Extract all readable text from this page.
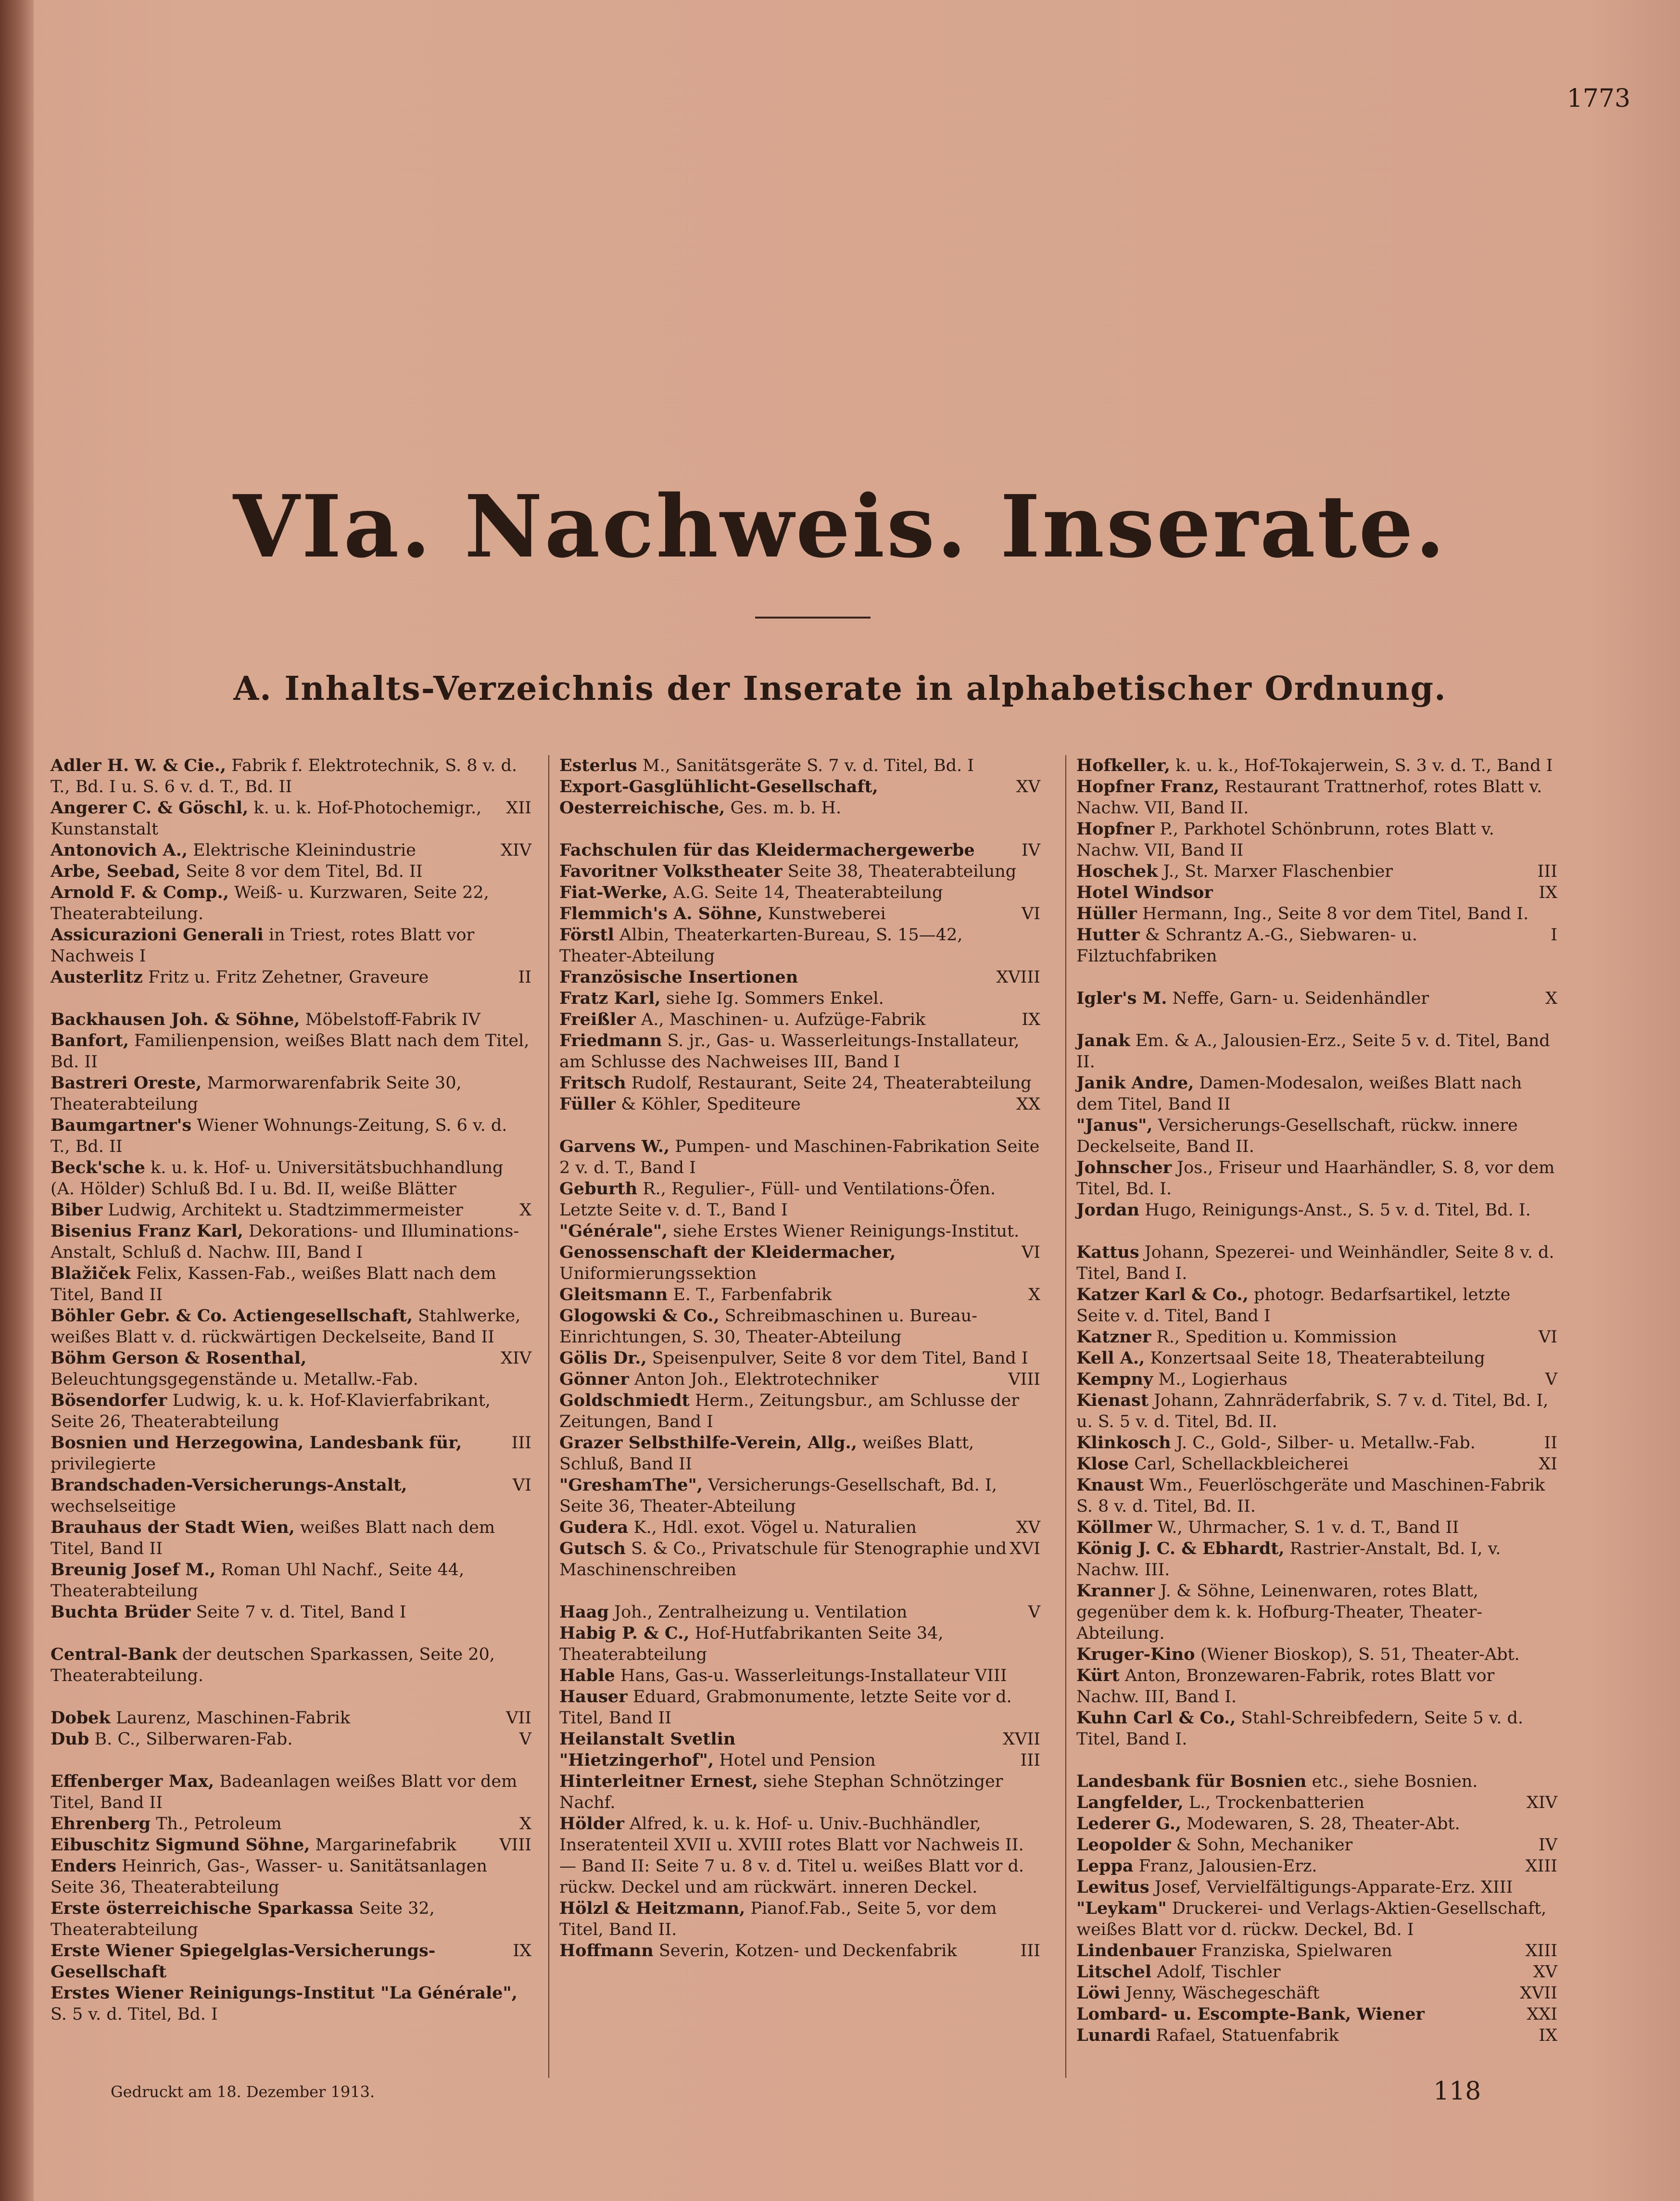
1773
VIa. Nachweis. Inserate.
A. Inhalts-Verzeichnis der Inserate in alphabetischer Ordnung.

Adler H. W. & Cie., Fabrik f. Elektrotechnik, S. 8 v. d. T., Bd. I u. S. 6 v. d. T., Bd. II

XII
Angerer C. & Göschl, k. u. k. Hof-Photochemigr., Kunstanstalt

XIV
Antonovich A., Elektrische Kleinindustrie

Arbe, Seebad, Seite 8 vor dem Titel, Bd. II

Arnold F. & Comp., Weiß- u. Kurzwaren, Seite 22, Theaterabteilung.

Assicurazioni Generali in Triest, rotes Blatt vor Nachweis I

II
Austerlitz Fritz u. Fritz Zehetner, Graveure

Backhausen Joh. & Söhne, Möbelstoff-Fabrik IV

Banfort, Familienpension, weißes Blatt nach dem Titel, Bd. II

Bastreri Oreste, Marmorwarenfabrik Seite 30, Theaterabteilung

Baumgartner's Wiener Wohnungs-Zeitung, S. 6 v. d. T., Bd. II

Beck'sche k. u. k. Hof- u. Universitätsbuchhandlung (A. Hölder) Schluß Bd. I u. Bd. II, weiße Blätter

X
Biber Ludwig, Architekt u. Stadtzimmermeister

Bisenius Franz Karl, Dekorations- und Illuminations-Anstalt, Schluß d. Nachw. III, Band I

Blažiček Felix, Kassen-Fab., weißes Blatt nach dem Titel, Band II

Böhler Gebr. & Co. Actiengesellschaft, Stahlwerke, weißes Blatt v. d. rückwärtigen Deckelseite, Band II

XIV
Böhm Gerson & Rosenthal, Beleuchtungsgegenstände u. Metallw.-Fab.

Bösendorfer Ludwig, k. u. k. Hof-Klavierfabrikant, Seite 26, Theaterabteilung

III
Bosnien und Herzegowina, Landesbank für, privilegierte

VI
Brandschaden-Versicherungs-Anstalt, wechselseitige

Brauhaus der Stadt Wien, weißes Blatt nach dem Titel, Band II

Breunig Josef M., Roman Uhl Nachf., Seite 44, Theaterabteilung

Buchta Brüder Seite 7 v. d. Titel, Band I

Central-Bank der deutschen Sparkassen, Seite 20, Theaterabteilung.

VII
Dobek Laurenz, Maschinen-Fabrik

V
Dub B. C., Silberwaren-Fab.

Effenberger Max, Badeanlagen weißes Blatt vor dem Titel, Band II

X
Ehrenberg Th., Petroleum

VIII
Eibuschitz Sigmund Söhne, Margarinefabrik

Enders Heinrich, Gas-, Wasser- u. Sanitätsanlagen Seite 36, Theaterabteilung

Erste österreichische Sparkassa Seite 32, Theaterabteilung

IX
Erste Wiener Spiegelglas-Versicherungs-Gesellschaft

Erstes Wiener Reinigungs-Institut "La Générale", S. 5 v. d. Titel, Bd. I

Esterlus M., Sanitätsgeräte S. 7 v. d. Titel, Bd. I

XV
Export-Gasglühlicht-Gesellschaft, Oesterreichische, Ges. m. b. H.

IV
Fachschulen für das Kleidermachergewerbe

Favoritner Volkstheater Seite 38, Theaterabteilung

Fiat-Werke, A.G. Seite 14, Theaterabteilung

VI
Flemmich's A. Söhne, Kunstweberei

Förstl Albin, Theaterkarten-Bureau, S. 15—42, Theater-Abteilung

XVIII
Französische Insertionen

Fratz Karl, siehe Ig. Sommers Enkel.

IX
Freißler A., Maschinen- u. Aufzüge-Fabrik

Friedmann S. jr., Gas- u. Wasserleitungs-Installateur, am Schlusse des Nachweises III, Band I

Fritsch Rudolf, Restaurant, Seite 24, Theaterabteilung

XX
Füller & Köhler, Spediteure

Garvens W., Pumpen- und Maschinen-Fabrikation Seite 2 v. d. T., Band I

Geburth R., Regulier-, Füll- und Ventilations-Öfen. Letzte Seite v. d. T., Band I

"Générale", siehe Erstes Wiener Reinigungs-Institut.

VI
Genossenschaft der Kleidermacher, Uniformierungssektion

X
Gleitsmann E. T., Farbenfabrik

Glogowski & Co., Schreibmaschinen u. Bureau-Einrichtungen, S. 30, Theater-Abteilung

Gölis Dr., Speisenpulver, Seite 8 vor dem Titel, Band I

VIII
Gönner Anton Joh., Elektrotechniker

Goldschmiedt Herm., Zeitungsbur., am Schlusse der Zeitungen, Band I

Grazer Selbsthilfe-Verein, Allg., weißes Blatt, Schluß, Band II

"GreshamThe", Versicherungs-Gesellschaft, Bd. I, Seite 36, Theater-Abteilung

XV
Gudera K., Hdl. exot. Vögel u. Naturalien

XVI
Gutsch S. & Co., Privatschule für Stenographie und Maschinenschreiben

V
Haag Joh., Zentralheizung u. Ventilation

Habig P. & C., Hof-Hutfabrikanten Seite 34, Theaterabteilung

Hable Hans, Gas-u. Wasserleitungs-Installateur VIII

Hauser Eduard, Grabmonumente, letzte Seite vor d. Titel, Band II

XVII
Heilanstalt Svetlin

III
"Hietzingerhof", Hotel und Pension

Hinterleitner Ernest, siehe Stephan Schnötzinger Nachf.

Hölder Alfred, k. u. k. Hof- u. Univ.-Buchhändler, Inseratenteil XVII u. XVIII rotes Blatt vor Nachweis II. — Band II: Seite 7 u. 8 v. d. Titel u. weißes Blatt vor d. rückw. Deckel und am rückwärt. inneren Deckel.

Hölzl & Heitzmann, Pianof.Fab., Seite 5, vor dem Titel, Band II.

III
Hoffmann Severin, Kotzen- und Deckenfabrik

Hofkeller, k. u. k., Hof-Tokajerwein, S. 3 v. d. T., Band I

Hopfner Franz, Restaurant Trattnerhof, rotes Blatt v. Nachw. VII, Band II.

Hopfner P., Parkhotel Schönbrunn, rotes Blatt v. Nachw. VII, Band II

III
Hoschek J., St. Marxer Flaschenbier

IX
Hotel Windsor

Hüller Hermann, Ing., Seite 8 vor dem Titel, Band I.

I
Hutter & Schrantz A.-G., Siebwaren- u. Filztuchfabriken

X
Igler's M. Neffe, Garn- u. Seidenhändler

Janak Em. & A., Jalousien-Erz., Seite 5 v. d. Titel, Band II.

Janik Andre, Damen-Modesalon, weißes Blatt nach dem Titel, Band II

"Janus", Versicherungs-Gesellschaft, rückw. innere Deckelseite, Band II.

Johnscher Jos., Friseur und Haarhändler, S. 8, vor dem Titel, Bd. I.

Jordan Hugo, Reinigungs-Anst., S. 5 v. d. Titel, Bd. I.

Kattus Johann, Spezerei- und Weinhändler, Seite 8 v. d. Titel, Band I.

Katzer Karl & Co., photogr. Bedarfsartikel, letzte Seite v. d. Titel, Band I

VI
Katzner R., Spedition u. Kommission

Kell A., Konzertsaal Seite 18, Theaterabteilung

V
Kempny M., Logierhaus

Kienast Johann, Zahnräderfabrik, S. 7 v. d. Titel, Bd. I, u. S. 5 v. d. Titel, Bd. II.

II
Klinkosch J. C., Gold-, Silber- u. Metallw.-Fab.

XI
Klose Carl, Schellackbleicherei

Knaust Wm., Feuerlöschgeräte und Maschinen-Fabrik S. 8 v. d. Titel, Bd. II.

Köllmer W., Uhrmacher, S. 1 v. d. T., Band II

König J. C. & Ebhardt, Rastrier-Anstalt, Bd. I, v. Nachw. III.

Kranner J. & Söhne, Leinenwaren, rotes Blatt, gegenüber dem k. k. Hofburg-Theater, Theater-Abteilung.

Kruger-Kino (Wiener Bioskop), S. 51, Theater-Abt.

Kürt Anton, Bronzewaren-Fabrik, rotes Blatt vor Nachw. III, Band I.

Kuhn Carl & Co., Stahl-Schreibfedern, Seite 5 v. d. Titel, Band I.

Landesbank für Bosnien etc., siehe Bosnien.

XIV
Langfelder, L., Trockenbatterien

Lederer G., Modewaren, S. 28, Theater-Abt.

IV
Leopolder & Sohn, Mechaniker

XIII
Leppa Franz, Jalousien-Erz.

Lewitus Josef, Vervielfältigungs-Apparate-Erz. XIII

"Leykam" Druckerei- und Verlags-Aktien-Gesellschaft, weißes Blatt vor d. rückw. Deckel, Bd. I

XIII
Lindenbauer Franziska, Spielwaren

XV
Litschel Adolf, Tischler

XVII
Löwi Jenny, Wäschegeschäft

XXI
Lombard- u. Escompte-Bank, Wiener

IX
Lunardi Rafael, Statuenfabrik

Gedruckt am 18. Dezember 1913.	118
